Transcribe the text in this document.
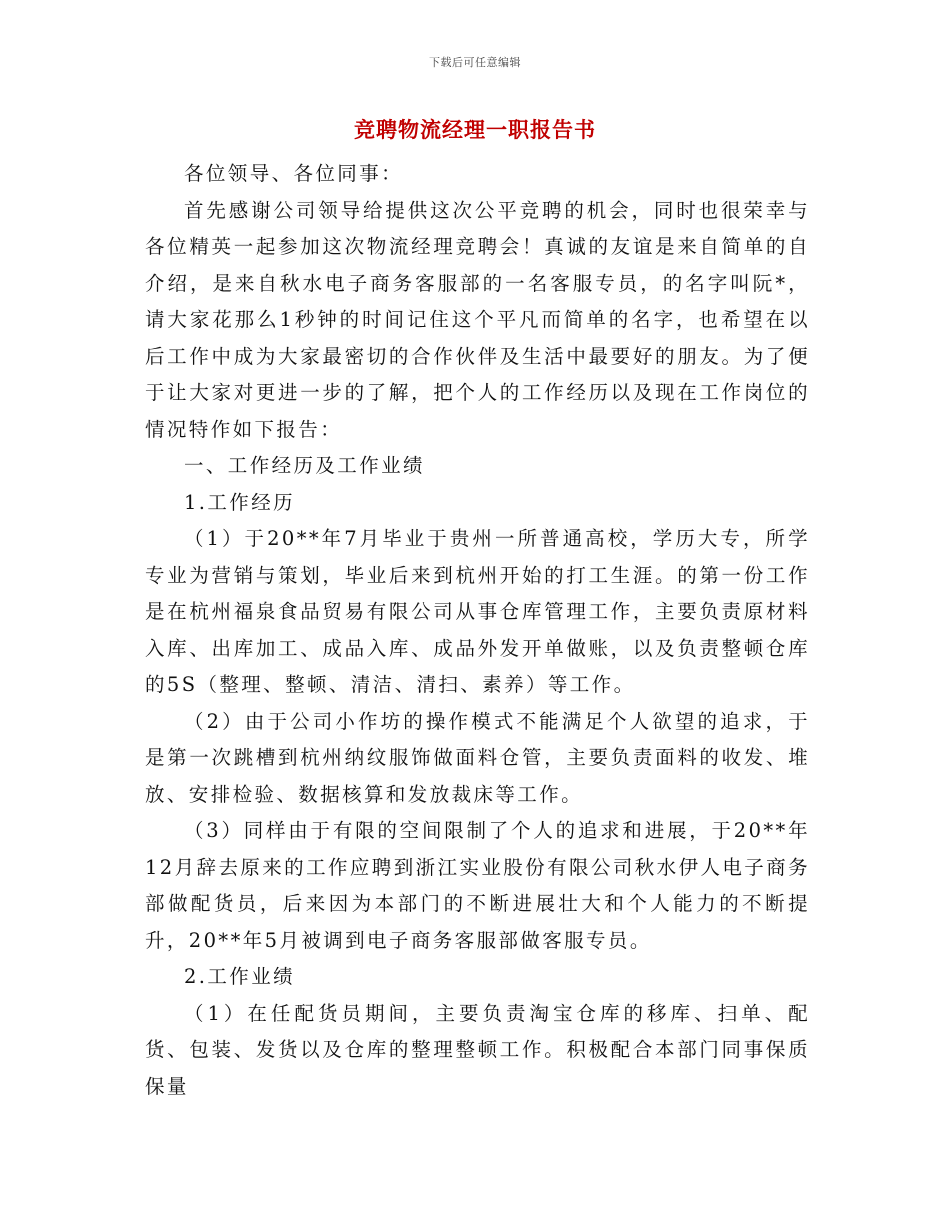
下载后可任意编辑
竞聘物流经理一职报告书

各位领导、各位同事：

首先感谢公司领导给提供这次公平竞聘的机会，同时也很荣幸与各位精英一起参加这次物流经理竞聘会！真诚的友谊是来自简单的自介绍，是来自秋水电子商务客服部的一名客服专员，的名字叫阮*，请大家花那么1秒钟的时间记住这个平凡而简单的名字，也希望在以后工作中成为大家最密切的合作伙伴及生活中最要好的朋友。为了便于让大家对更进一步的了解，把个人的工作经历以及现在工作岗位的情况特作如下报告：

一、工作经历及工作业绩

1.工作经历

（1）于20**年7月毕业于贵州一所普通高校，学历大专，所学专业为营销与策划，毕业后来到杭州开始的打工生涯。的第一份工作是在杭州福泉食品贸易有限公司从事仓库管理工作，主要负责原材料入库、出库加工、成品入库、成品外发开单做账，以及负责整顿仓库的5S（整理、整顿、清洁、清扫、素养）等工作。

（2）由于公司小作坊的操作模式不能满足个人欲望的追求，于是第一次跳槽到杭州纳纹服饰做面料仓管，主要负责面料的收发、堆放、安排检验、数据核算和发放裁床等工作。

（3）同样由于有限的空间限制了个人的追求和进展，于20**年12月辞去原来的工作应聘到浙江实业股份有限公司秋水伊人电子商务部做配货员，后来因为本部门的不断进展壮大和个人能力的不断提升，20**年5月被调到电子商务客服部做客服专员。

2.工作业绩

（1）在任配货员期间，主要负责淘宝仓库的移库、扫单、配货、包装、发货以及仓库的整理整顿工作。积极配合本部门同事保质保量
